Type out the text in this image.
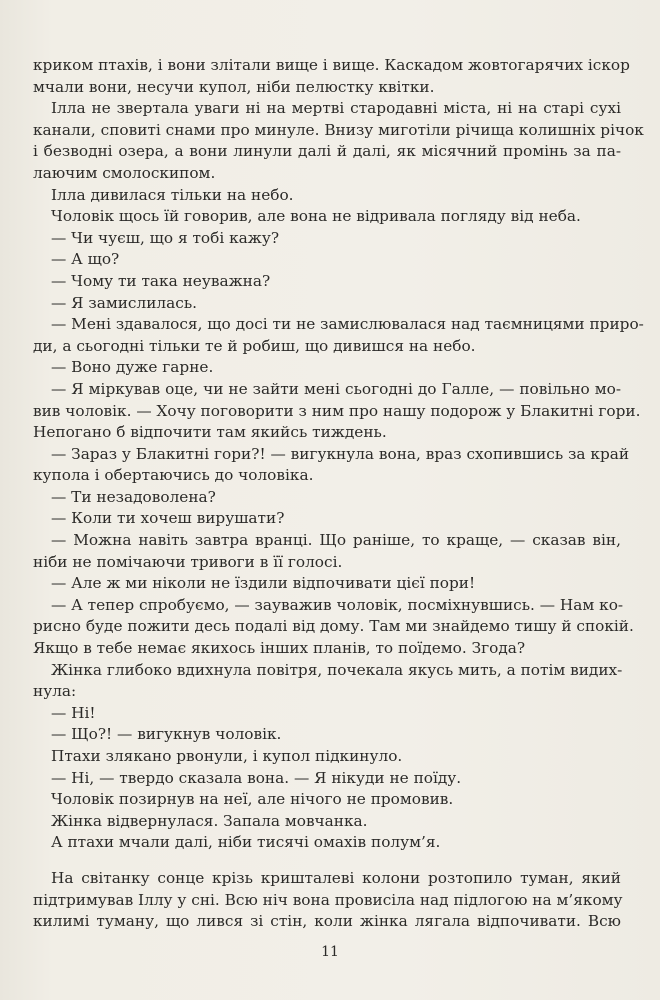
криком птахів, і вони злітали вище і вище. Каскадом жовтогарячих іскор
мчали вони, несучи купол, ніби пелюстку квітки.
Ілла не звертала уваги ні на мертві стародавні міста, ні на старі сухі
канали, сповиті снами про минуле. Внизу миготіли річища колишніх річок
і безводні озера, а вони линули далі й далі, як місячний промінь за па-
лаючим смолоскипом.
Ілла дивилася тільки на небо.
Чоловік щось їй говорив, але вона не відривала погляду від неба.
— Чи чуєш, що я тобі кажу?
— А що?
— Чому ти така неуважна?
— Я замислилась.
— Мені здавалося, що досі ти не замислювалася над таємницями приро-
ди, а сьогодні тільки те й робиш, що дивишся на небо.
— Воно дуже гарне.
— Я міркував оце, чи не зайти мені сьогодні до Галле, — повільно мо-
вив чоловік. — Хочу поговорити з ним про нашу подорож у Блакитні гори.
Непогано б відпочити там якийсь тиждень.
— Зараз у Блакитні гори?! — вигукнула вона, враз схопившись за край
купола і обертаючись до чоловіка.
— Ти незадоволена?
— Коли ти хочеш вирушати?
— Можна навіть завтра вранці. Що раніше, то краще, — сказав він,
ніби не помічаючи тривоги в її голосі.
— Але ж ми ніколи не їздили відпочивати цієї пори!
— А тепер спробуємо, — зауважив чоловік, посміхнувшись. — Нам ко-
рисно буде пожити десь подалі від дому. Там ми знайдемо тишу й спокій.
Якщо в тебе немає якихось інших планів, то поїдемо. Згода?
Жінка глибоко вдихнула повітря, почекала якусь мить, а потім видих-
нула:
— Ні!
— Що?! — вигукнув чоловік.
Птахи злякано рвонули, і купол підкинуло.
— Ні, — твердо сказала вона. — Я нікуди не поїду.
Чоловік позирнув на неї, але нічого не промовив.
Жінка відвернулася. Запала мовчанка.
А птахи мчали далі, ніби тисячі омахів полум’я.
На світанку сонце крізь кришталеві колони розтопило туман, який
підтримував Іллу у сні. Всю ніч вона провисіла над підлогою на м’якому
килимі туману, що лився зі стін, коли жінка лягала відпочивати. Всю
11
